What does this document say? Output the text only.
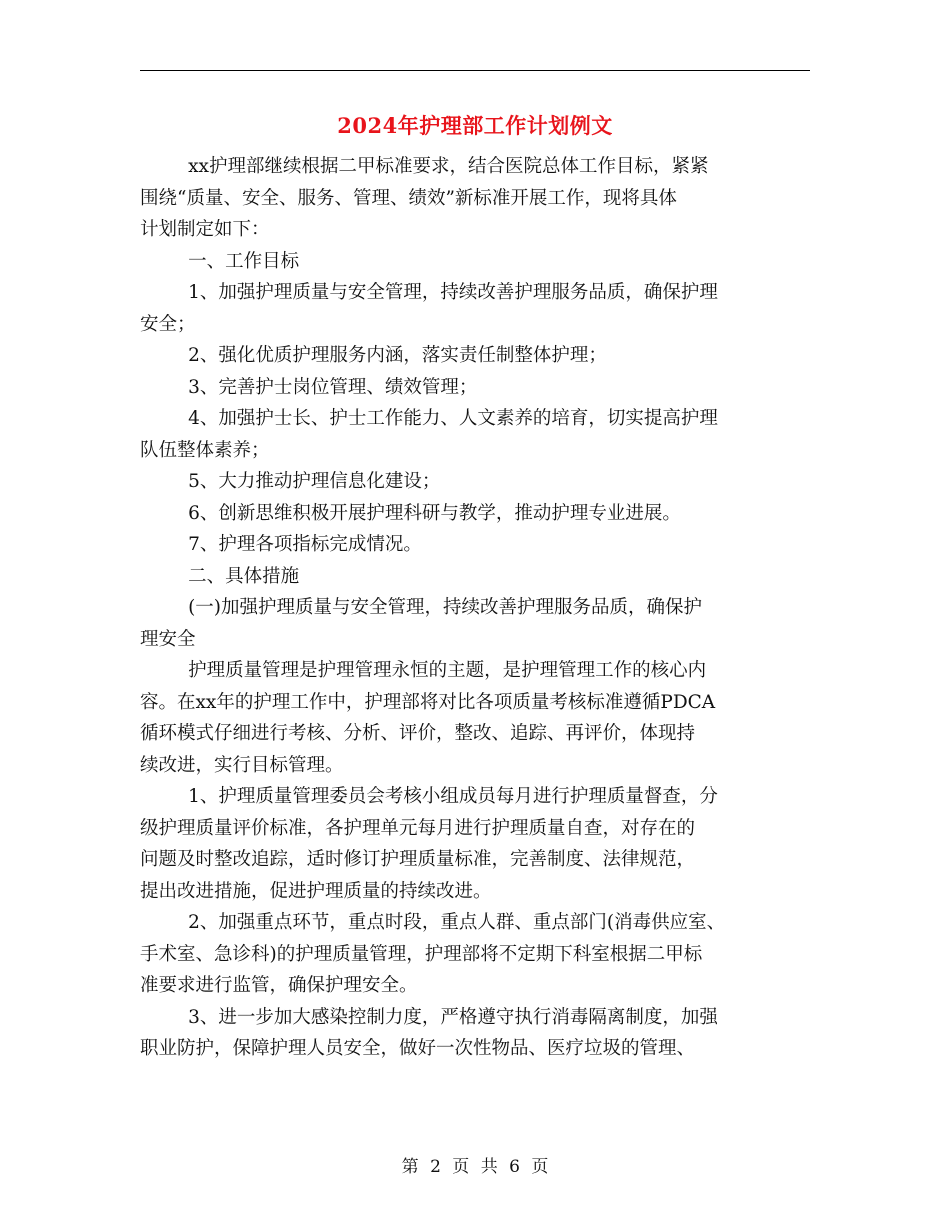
2024年护理部工作计划例文

xx护理部继续根据二甲标准要求，结合医院总体工作目标，紧紧
围绕“质量、安全、服务、管理、绩效”新标准开展工作，现将具体
计划制定如下：

一、工作目标

1、加强护理质量与安全管理，持续改善护理服务品质，确保护理
安全；

2、强化优质护理服务内涵，落实责任制整体护理；

3、完善护士岗位管理、绩效管理；

4、加强护士长、护士工作能力、人文素养的培育，切实提高护理
队伍整体素养；

5、大力推动护理信息化建设；

6、创新思维积极开展护理科研与教学，推动护理专业进展。

7、护理各项指标完成情况。

二、具体措施

(一)加强护理质量与安全管理，持续改善护理服务品质，确保护
理安全

护理质量管理是护理管理永恒的主题，是护理管理工作的核心内
容。在xx年的护理工作中，护理部将对比各项质量考核标准遵循PDCA
循环模式仔细进行考核、分析、评价，整改、追踪、再评价，体现持
续改进，实行目标管理。

1、护理质量管理委员会考核小组成员每月进行护理质量督查，分
级护理质量评价标准，各护理单元每月进行护理质量自查，对存在的
问题及时整改追踪，适时修订护理质量标准，完善制度、法律规范，
提出改进措施，促进护理质量的持续改进。

2、加强重点环节，重点时段，重点人群、重点部门(消毒供应室、
手术室、急诊科)的护理质量管理，护理部将不定期下科室根据二甲标
准要求进行监管，确保护理安全。

3、进一步加大感染控制力度，严格遵守执行消毒隔离制度，加强
职业防护，保障护理人员安全，做好一次性物品、医疗垃圾的管理、

第 2 页 共 6 页
